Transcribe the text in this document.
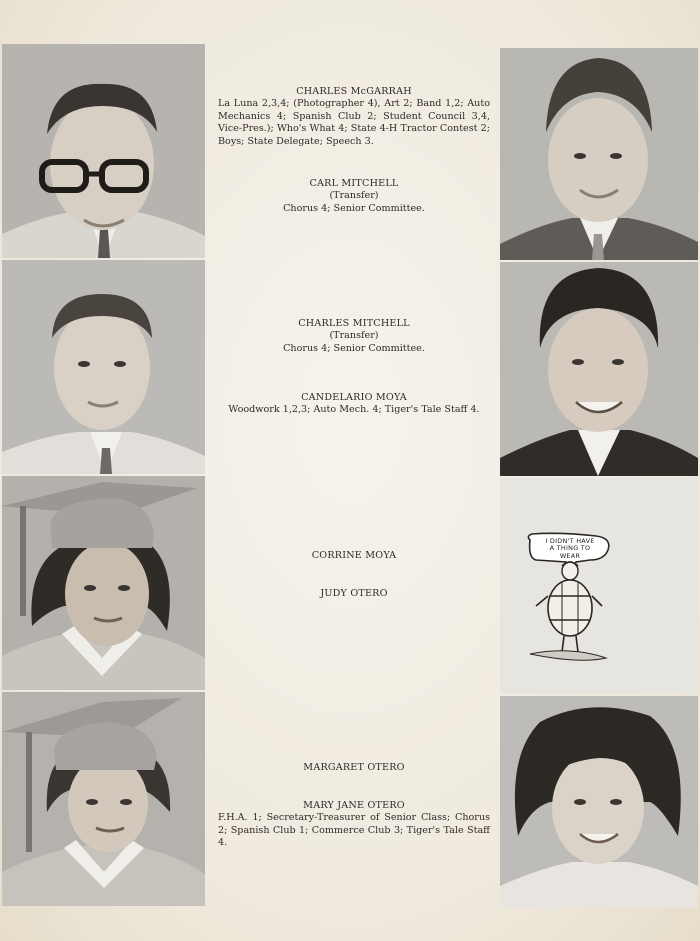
I DIDN'T HAVE
A THING TO
WEAR
CHARLES McGARRAH
La Luna 2,3,4; (Photographer 4), Art 2; Band 1,2; Auto Mechanics 4; Spanish Club 2; Student Council 3,4, Vice-Pres.); Who's What 4; State 4-H Tractor Contest 2; Boys; State Delegate; Speech 3.
CARL MITCHELL
(Transfer)
Chorus 4; Senior Committee.
CHARLES MITCHELL
(Transfer)
Chorus 4; Senior Committee.
CANDELARIO MOYA
Woodwork 1,2,3; Auto Mech. 4; Tiger's Tale Staff 4.
CORRINE MOYA
JUDY OTERO
MARGARET OTERO
MARY JANE OTERO
F.H.A. 1; Secretary-Treasurer of Senior Class; Chorus 2; Spanish Club 1; Commerce Club 3; Tiger's Tale Staff 4.
